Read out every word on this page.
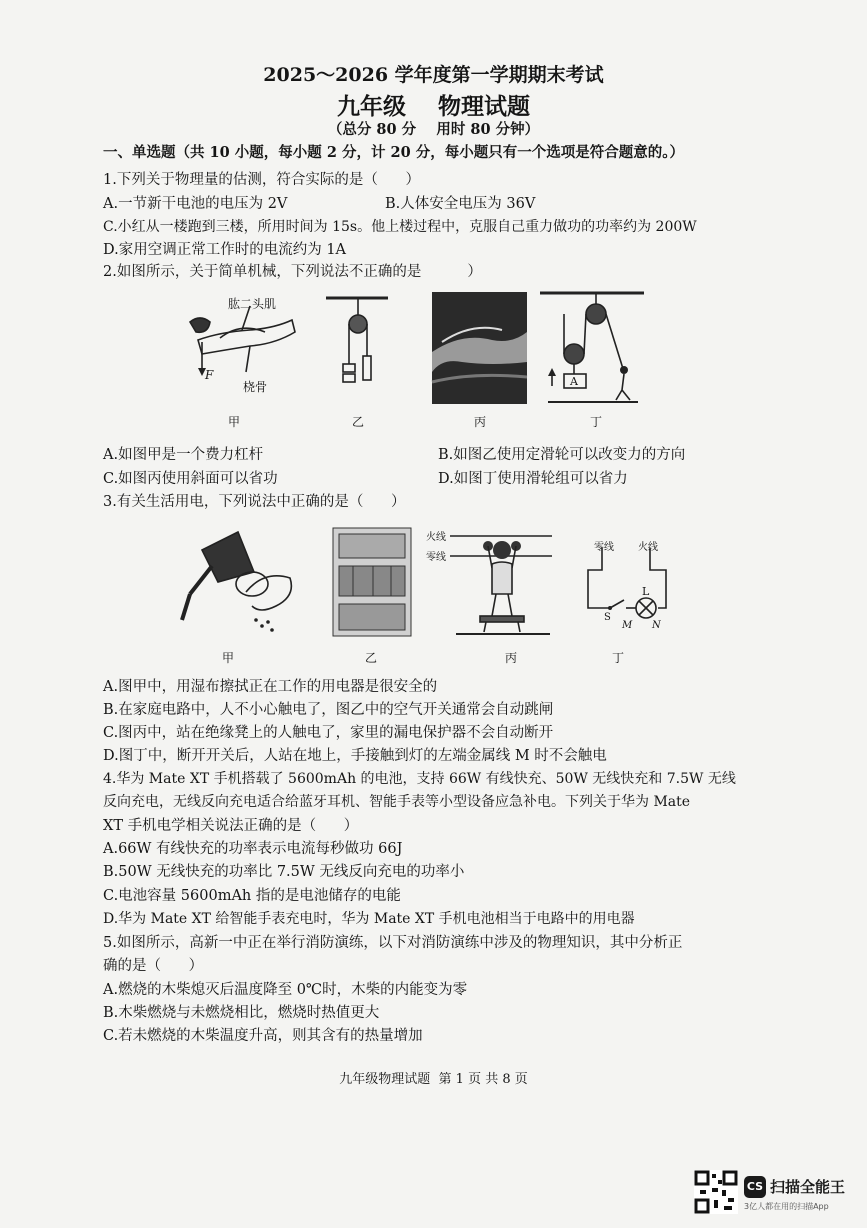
2025～2026 学年度第一学期期末考试
九年级    物理试题
（总分 80 分    用时 80 分钟）
一、单选题（共 10 小题，每小题 2 分，计 20 分，每小题只有一个选项是符合题意的。）
1.下列关于物理量的估测，符合实际的是（      ）
A.一节新干电池的电压为 2V	B.人体安全电压为 36V
C.小红从一楼跑到三楼，所用时间为 15s。他上楼过程中，克服自己重力做功的功率约为 200W
D.家用空调正常工作时的电流约为 1A
2.如图所示，关于简单机械，下列说法不正确的是          ）
肱二头肌
桡骨
F	A
甲	乙	丙	丁
A.如图甲是一个费力杠杆	B.如图乙使用定滑轮可以改变力的方向
C.如图丙使用斜面可以省功	D.如图丁使用滑轮组可以省力
3.有关生活用电，下列说法中正确的是（      ）
火线
零线
零线 火线
L
S
M N
甲	乙	丙	丁
A.图甲中，用湿布擦拭正在工作的用电器是很安全的
B.在家庭电路中，人不小心触电了，图乙中的空气开关通常会自动跳闸
C.图丙中，站在绝缘凳上的人触电了，家里的漏电保护器不会自动断开
D.图丁中，断开开关后，人站在地上，手接触到灯的左端金属线 M 时不会触电
4.华为 Mate XT 手机搭载了 5600mAh 的电池，支持 66W 有线快充、50W 无线快充和 7.5W 无线
反向充电，无线反向充电适合给蓝牙耳机、智能手表等小型设备应急补电。下列关于华为 Mate
XT 手机电学相关说法正确的是（      ）
A.66W 有线快充的功率表示电流每秒做功 66J
B.50W 无线快充的功率比 7.5W 无线反向充电的功率小
C.电池容量 5600mAh 指的是电池储存的电能
D.华为 Mate XT 给智能手表充电时，华为 Mate XT 手机电池相当于电路中的用电器
5.如图所示，高新一中正在举行消防演练，以下对消防演练中涉及的物理知识，其中分析正
确的是（      ）
A.燃烧的木柴熄灭后温度降至 0℃时，木柴的内能变为零
B.木柴燃烧与未燃烧相比，燃烧时热值更大
C.若未燃烧的木柴温度升高，则其含有的热量增加
九年级物理试题  第 1 页 共 8 页
CS 扫描全能王
3亿人都在用的扫描App
